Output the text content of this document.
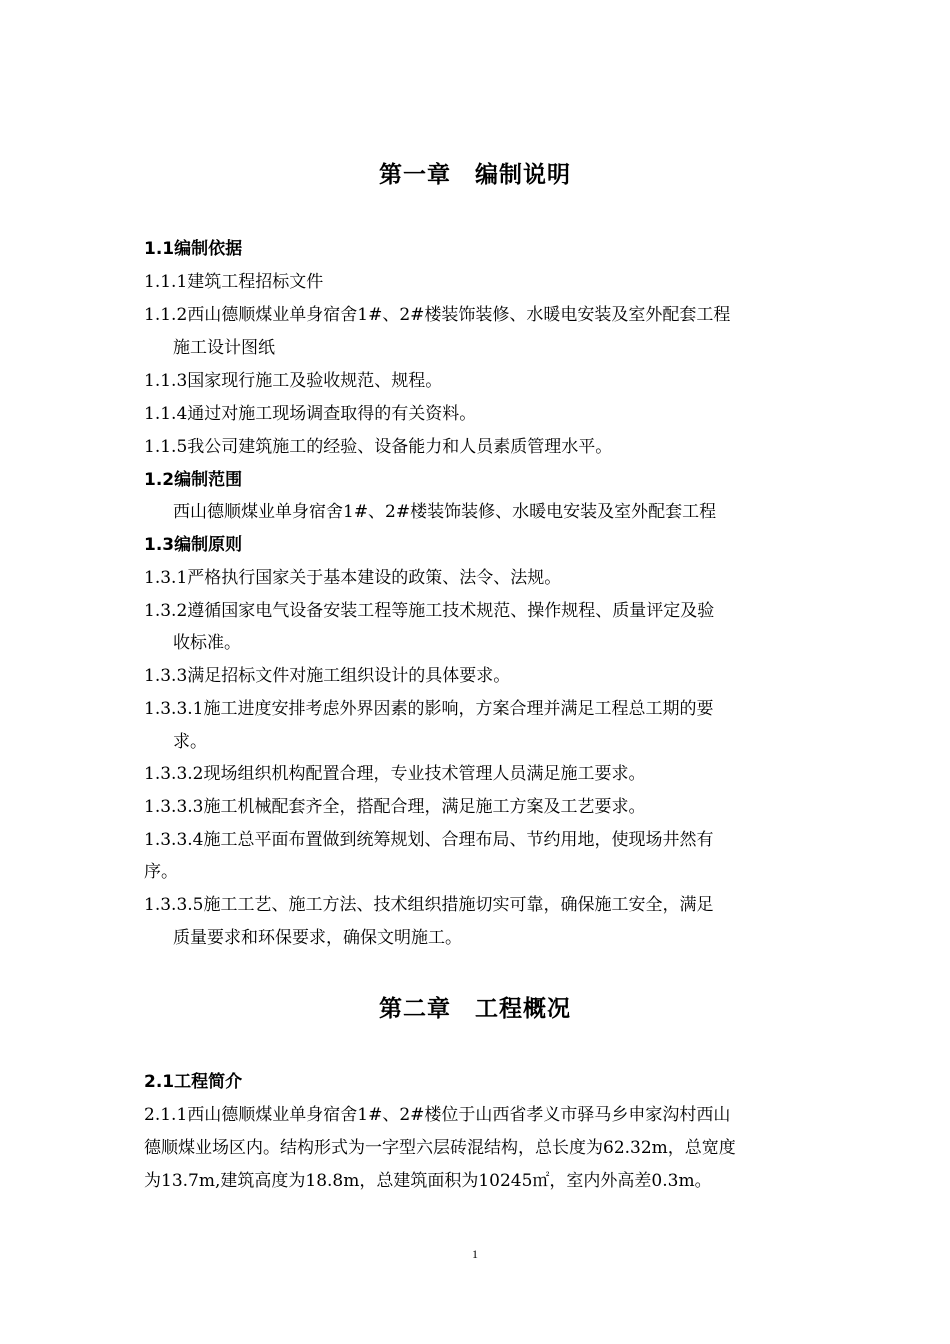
第一章　编制说明
1.1编制依据
1.1.1建筑工程招标文件
1.1.2西山德顺煤业单身宿舍1#、2#楼装饰装修、水暖电安装及室外配套工程
施工设计图纸
1.1.3国家现行施工及验收规范、规程。
1.1.4通过对施工现场调查取得的有关资料。
1.1.5我公司建筑施工的经验、设备能力和人员素质管理水平。
1.2编制范围
西山德顺煤业单身宿舍1#、2#楼装饰装修、水暖电安装及室外配套工程
1.3编制原则
1.3.1严格执行国家关于基本建设的政策、法令、法规。
1.3.2遵循国家电气设备安装工程等施工技术规范、操作规程、质量评定及验
收标准。
1.3.3满足招标文件对施工组织设计的具体要求。
1.3.3.1施工进度安排考虑外界因素的影响，方案合理并满足工程总工期的要
求。
1.3.3.2现场组织机构配置合理，专业技术管理人员满足施工要求。
1.3.3.3施工机械配套齐全，搭配合理，满足施工方案及工艺要求。
1.3.3.4施工总平面布置做到统筹规划、合理布局、节约用地，使现场井然有
序。
1.3.3.5施工工艺、施工方法、技术组织措施切实可靠，确保施工安全，满足
质量要求和环保要求，确保文明施工。
第二章　工程概况
2.1工程简介
2.1.1西山德顺煤业单身宿舍1#、2#楼位于山西省孝义市驿马乡申家沟村西山
德顺煤业场区内。结构形式为一字型六层砖混结构，总长度为62.32m，总宽度
为13.7m,建筑高度为18.8m，总建筑面积为10245㎡，室内外高差0.3m。
1
